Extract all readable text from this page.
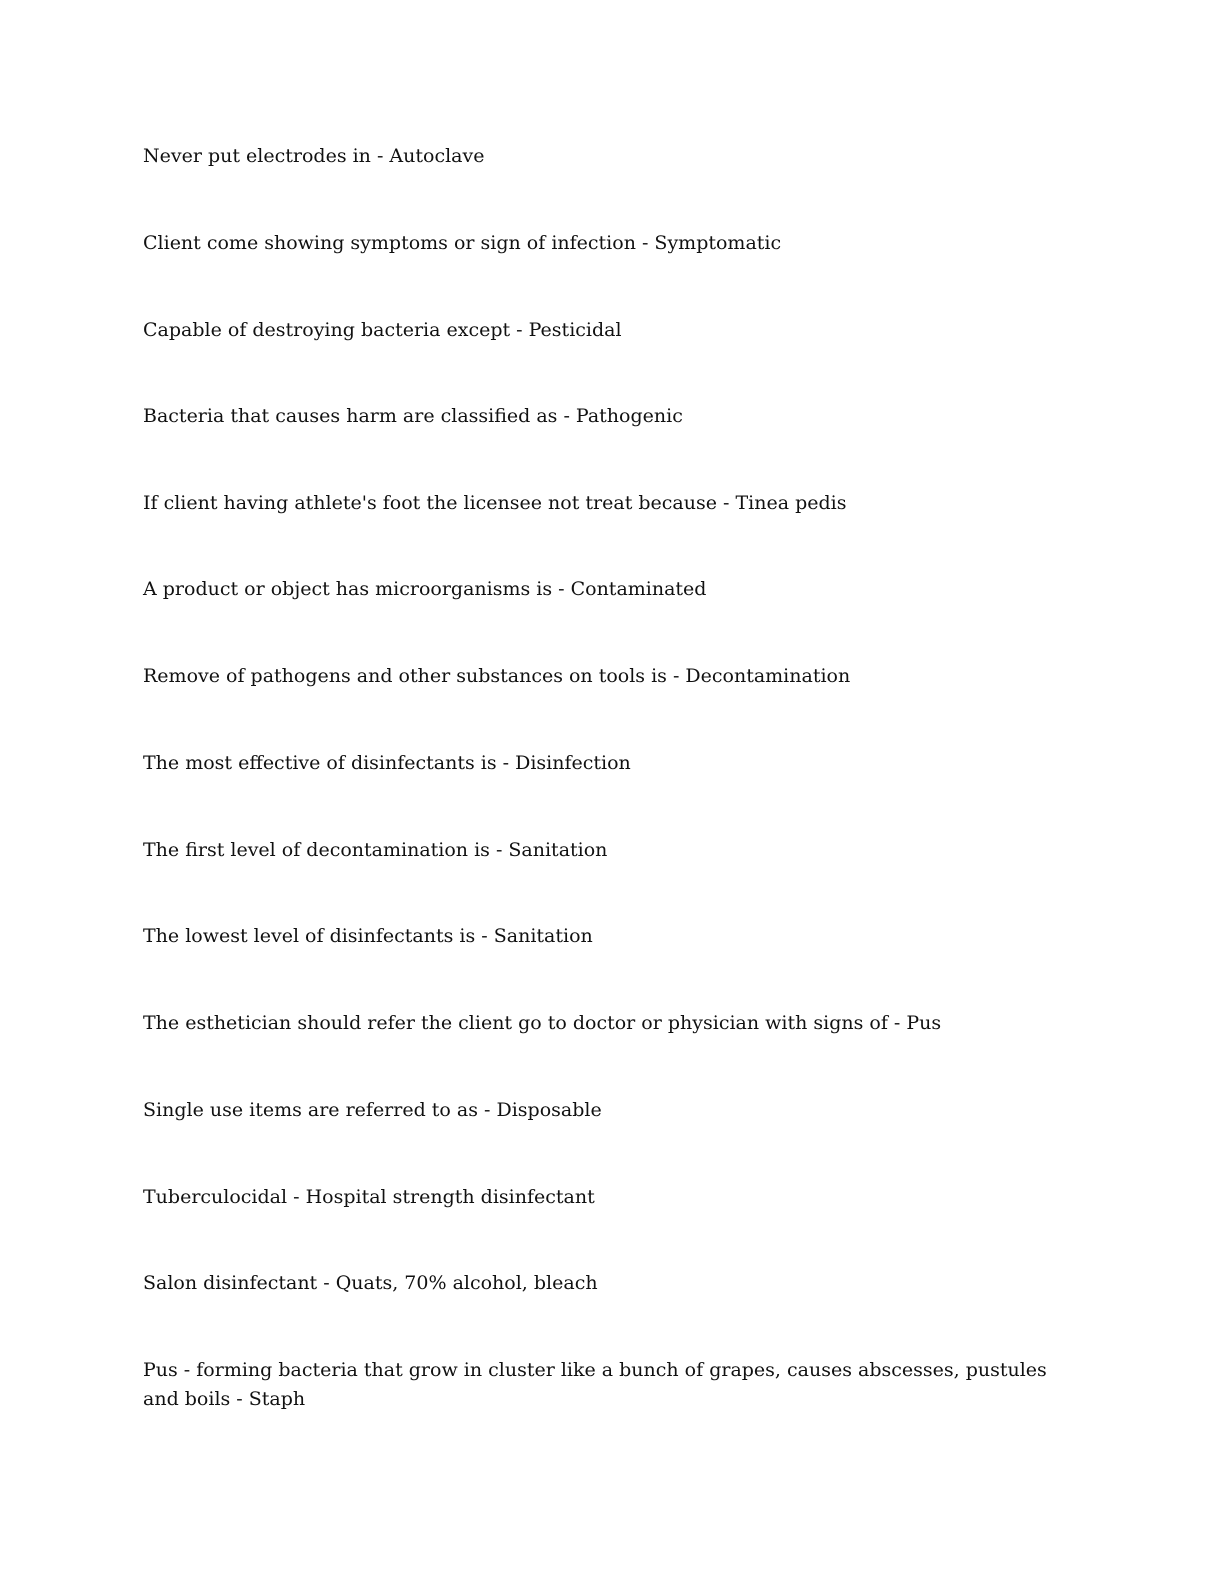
Never put electrodes in - Autoclave

Client come showing symptoms or sign of infection - Symptomatic

Capable of destroying bacteria except - Pesticidal

Bacteria that causes harm are classified as - Pathogenic

If client having athlete's foot the licensee not treat because - Tinea pedis

A product or object has microorganisms is - Contaminated

Remove of pathogens and other substances on tools is - Decontamination

The most effective of disinfectants is - Disinfection

The first level of decontamination is - Sanitation

The lowest level of disinfectants is - Sanitation

The esthetician should refer the client go to doctor or physician with signs of - Pus

Single use items are referred to as - Disposable

Tuberculocidal - Hospital strength disinfectant

Salon disinfectant - Quats, 70% alcohol, bleach

Pus - forming bacteria that grow in cluster like a bunch of grapes, causes abscesses, pustules and boils - Staph
